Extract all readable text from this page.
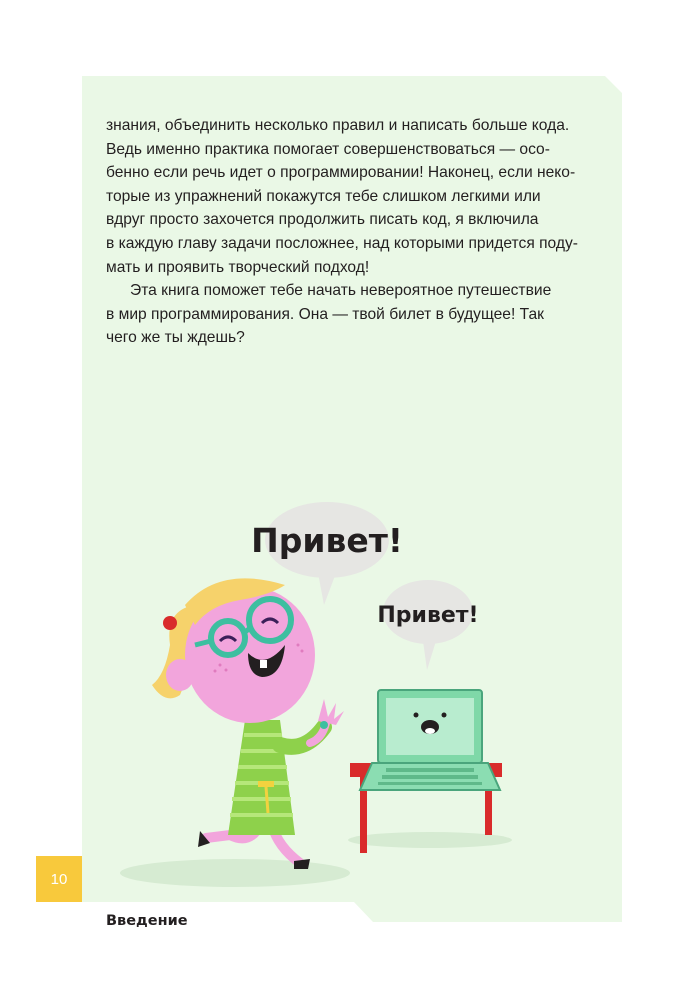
знания, объединить несколько правил и написать больше кода.
Ведь именно практика помогает совершенствоваться — осо-
бенно если речь идет о программировании! Наконец, если неко-
торые из упражнений покажутся тебе слишком легкими или
вдруг просто захочется продолжить писать код, я включила
в каждую главу задачи посложнее, над которыми придется поду-
мать и проявить творческий подход!
Эта книга поможет тебе начать невероятное путешествие
в мир программирования. Она — твой билет в будущее! Так
чего же ты ждешь?
Привет!
Привет!
10
Введение
